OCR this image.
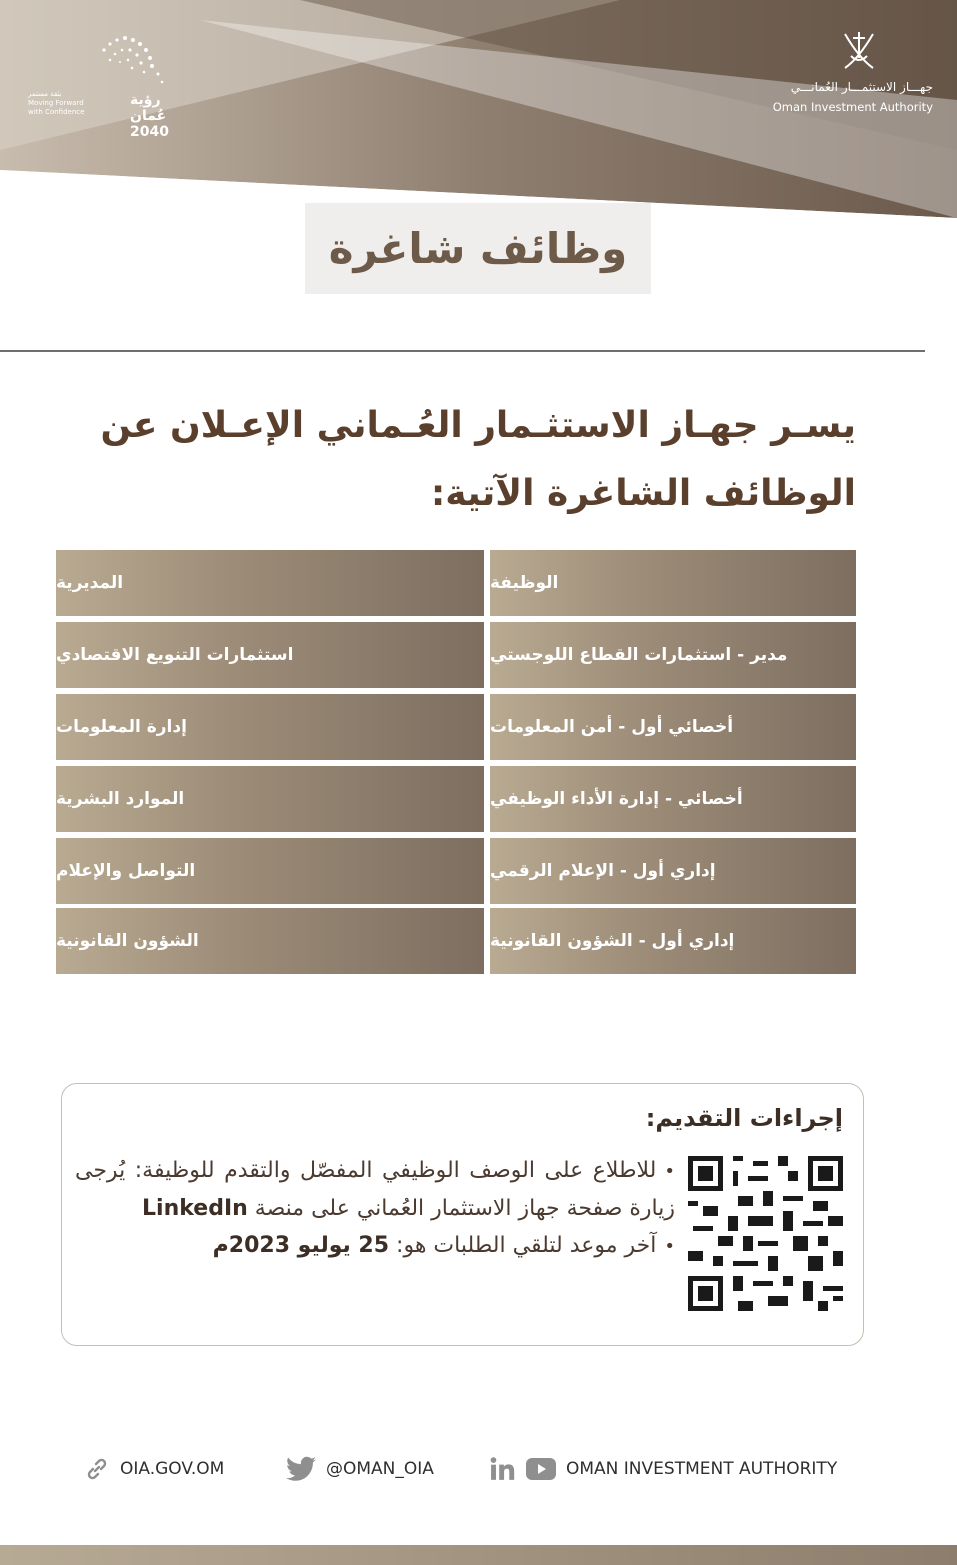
بثقة مستمر
Moving Forward with Confidence
رؤية عُمان 2040
جهـــاز الاستثمـــار العُمانـــي
Oman Investment Authority
وظائف شاغرة
يسـر جهـاز الاستثـمار العُـماني الإعـلان عن الوظائف الشاغرة الآتية:
الوظيفة
المديرية
مدير - استثمارات القطاع اللوجستي
استثمارات التنويع الاقتصادي
أخصائي أول - أمن المعلومات
إدارة المعلومات
أخصائي - إدارة الأداء الوظيفي
الموارد البشرية
إداري أول - الإعلام الرقمي
التواصل والإعلام
إداري أول - الشؤون القانونية
الشؤون القانونية
إجراءات التقديم:

•للاطلاع على الوصف الوظيفي المفصّل والتقدم للوظيفة: يُرجى زيارة صفحة جهاز الاستثمار العُماني على منصة LinkedIn

•آخر موعد لتلقي الطلبات هو: 25 يوليو 2023م

OIA.GOV.OM	@OMAN_OIA	OMAN INVESTMENT AUTHORITY
